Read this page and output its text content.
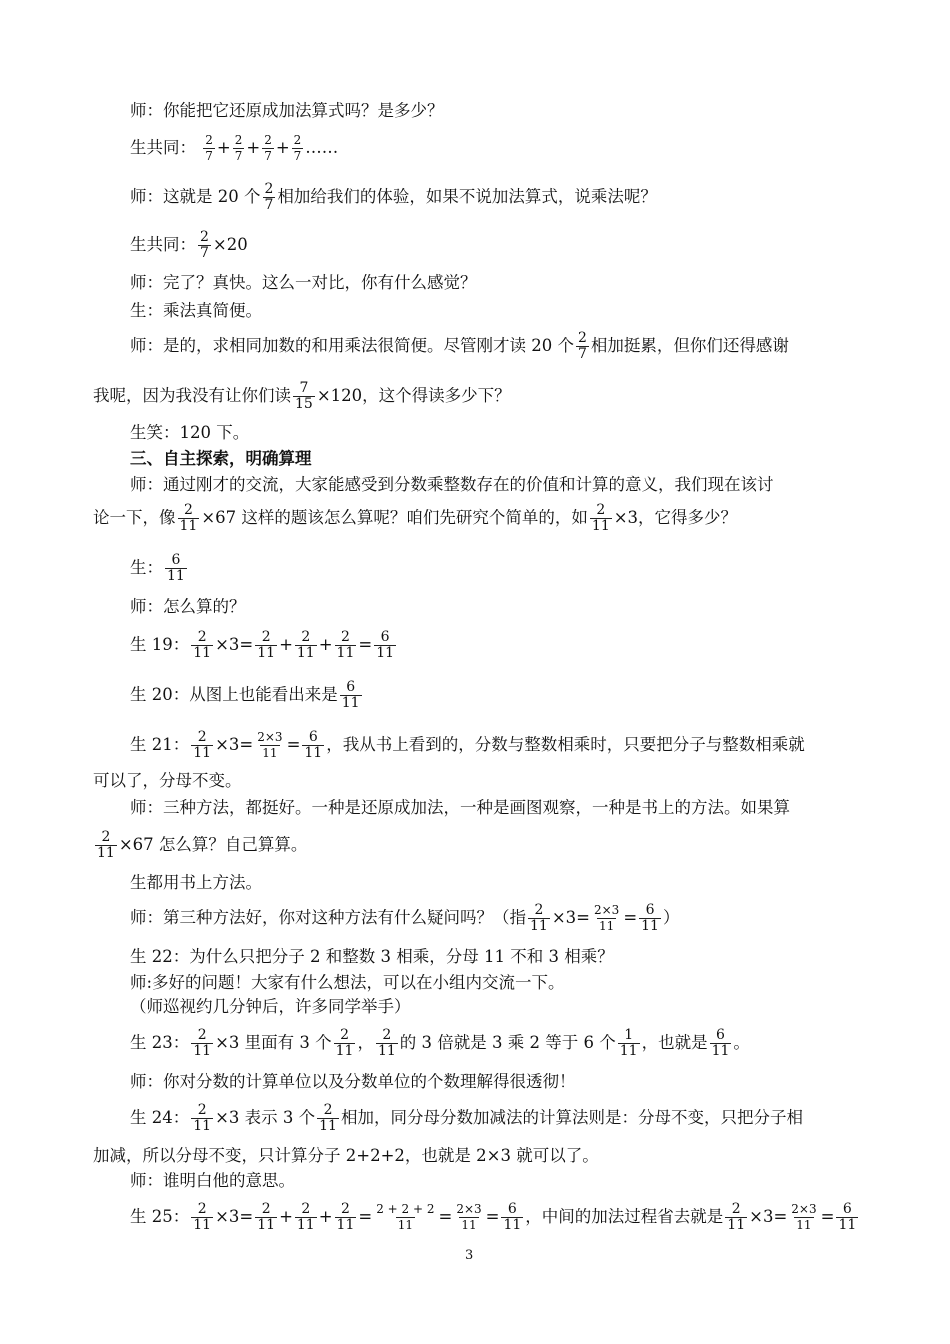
师：你能把它还原成加法算式吗？是多少？
生共同： $\frac{2}{7} + \frac{2}{7} + \frac{2}{7} + \frac{2}{7}$ ……
师：这就是 20 个 $\frac{2}{7}$ 相加给我们的体验，如果不说加法算式，说乘法呢？
生共同： $\frac{2}{7} \times 20$
师：完了？真快。这么一对比，你有什么感觉？
生：乘法真简便。
师：是的，求相同加数的和用乘法很简便。尽管刚才读 20 个 $\frac{2}{7}$ 相加挺累，但你们还得感谢
我呢，因为我没有让你们读 $\frac{7}{15} \times 120$，这个得读多少下？
生笑：120 下。
三、自主探索，明确算理
师：通过刚才的交流，大家能感受到分数乘整数存在的价值和计算的意义，我们现在该讨
论一下，像 $\frac{2}{11} \times 67$ 这样的题该怎么算呢？咱们先研究个简单的，如 $\frac{2}{11} \times 3$，它得多少？
生： $\frac{6}{11}$
师：怎么算的？
生 19： $\frac{2}{11} \times 3= \frac{2}{11} + \frac{2}{11} + \frac{2}{11} = \frac{6}{11}$
生 20：从图上也能看出来是 $\frac{6}{11}$
生 21： $\frac{2}{11} \times 3= \frac{2\times 3}{11} = \frac{6}{11}$ ，我从书上看到的，分数与整数相乘时，只要把分子与整数相乘就
可以了，分母不变。
师：三种方法，都挺好。一种是还原成加法，一种是画图观察，一种是书上的方法。如果算
$\frac{2}{11} \times 67$ 怎么算？自己算算。
生都用书上方法。
师：第三种方法好，你对这种方法有什么疑问吗？（指 $\frac{2}{11} \times 3= \frac{2\times 3}{11} = \frac{6}{11}$ ）
生 22：为什么只把分子 2 和整数 3 相乘，分母 11 不和 3 相乘？
师:多好的问题！大家有什么想法，可以在小组内交流一下。
（师巡视约几分钟后，许多同学举手）
生 23： $\frac{2}{11} \times 3$ 里面有 3 个 $\frac{2}{11}$ ， $\frac{2}{11}$ 的 3 倍就是 3 乘 2 等于 6 个 $\frac{1}{11}$ ，也就是 $\frac{6}{11}$ 。
师：你对分数的计算单位以及分数单位的个数理解得很透彻！
生 24： $\frac{2}{11} \times 3$ 表示 3 个 $\frac{2}{11}$ 相加，同分母分数加减法的计算法则是：分母不变，只把分子相
加减，所以分母不变，只计算分子 2+2+2，也就是 2×3 就可以了。
师：谁明白他的意思。
生 25： $\frac{2}{11} \times 3= \frac{2}{11} + \frac{2}{11} + \frac{2}{11} = \frac{2 + 2 + 2}{11} = \frac{2\times 3}{11} = \frac{6}{11}$ ，中间的加法过程省去就是 $\frac{2}{11} \times 3= \frac{2\times 3}{11} = \frac{6}{11}$
3
